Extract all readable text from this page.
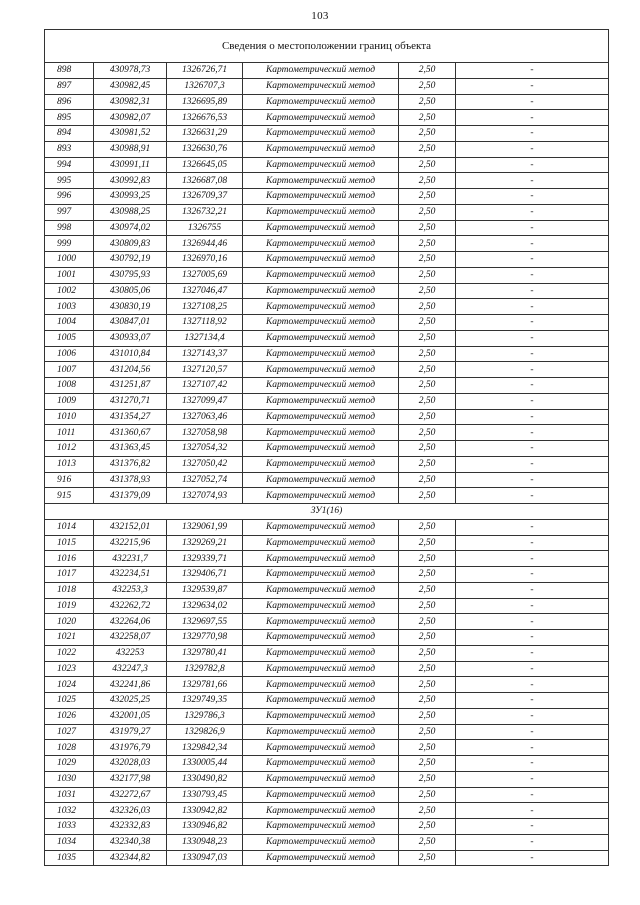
103
Сведения о местоположении границ объекта					
898	430978,73	1326726,71	Картометрический метод	2,50	-
897	430982,45	1326707,3	Картометрический метод	2,50	-
896	430982,31	1326695,89	Картометрический метод	2,50	-
895	430982,07	1326676,53	Картометрический метод	2,50	-
894	430981,52	1326631,29	Картометрический метод	2,50	-
893	430988,91	1326630,76	Картометрический метод	2,50	-
994	430991,11	1326645,05	Картометрический метод	2,50	-
995	430992,83	1326687,08	Картометрический метод	2,50	-
996	430993,25	1326709,37	Картометрический метод	2,50	-
997	430988,25	1326732,21	Картометрический метод	2,50	-
998	430974,02	1326755	Картометрический метод	2,50	-
999	430809,83	1326944,46	Картометрический метод	2,50	-
1000	430792,19	1326970,16	Картометрический метод	2,50	-
1001	430795,93	1327005,69	Картометрический метод	2,50	-
1002	430805,06	1327046,47	Картометрический метод	2,50	-
1003	430830,19	1327108,25	Картометрический метод	2,50	-
1004	430847,01	1327118,92	Картометрический метод	2,50	-
1005	430933,07	1327134,4	Картометрический метод	2,50	-
1006	431010,84	1327143,37	Картометрический метод	2,50	-
1007	431204,56	1327120,57	Картометрический метод	2,50	-
1008	431251,87	1327107,42	Картометрический метод	2,50	-
1009	431270,71	1327099,47	Картометрический метод	2,50	-
1010	431354,27	1327063,46	Картометрический метод	2,50	-
1011	431360,67	1327058,98	Картометрический метод	2,50	-
1012	431363,45	1327054,32	Картометрический метод	2,50	-
1013	431376,82	1327050,42	Картометрический метод	2,50	-
916	431378,93	1327052,74	Картометрический метод	2,50	-
915	431379,09	1327074,93	Картометрический метод	2,50	-
ЗУ1(16)					
1014	432152,01	1329061,99	Картометрический метод	2,50	-
1015	432215,96	1329269,21	Картометрический метод	2,50	-
1016	432231,7	1329339,71	Картометрический метод	2,50	-
1017	432234,51	1329406,71	Картометрический метод	2,50	-
1018	432253,3	1329539,87	Картометрический метод	2,50	-
1019	432262,72	1329634,02	Картометрический метод	2,50	-
1020	432264,06	1329697,55	Картометрический метод	2,50	-
1021	432258,07	1329770,98	Картометрический метод	2,50	-
1022	432253	1329780,41	Картометрический метод	2,50	-
1023	432247,3	1329782,8	Картометрический метод	2,50	-
1024	432241,86	1329781,66	Картометрический метод	2,50	-
1025	432025,25	1329749,35	Картометрический метод	2,50	-
1026	432001,05	1329786,3	Картометрический метод	2,50	-
1027	431979,27	1329826,9	Картометрический метод	2,50	-
1028	431976,79	1329842,34	Картометрический метод	2,50	-
1029	432028,03	1330005,44	Картометрический метод	2,50	-
1030	432177,98	1330490,82	Картометрический метод	2,50	-
1031	432272,67	1330793,45	Картометрический метод	2,50	-
1032	432326,03	1330942,82	Картометрический метод	2,50	-
1033	432332,83	1330946,82	Картометрический метод	2,50	-
1034	432340,38	1330948,23	Картометрический метод	2,50	-
1035	432344,82	1330947,03	Картометрический метод	2,50	-
